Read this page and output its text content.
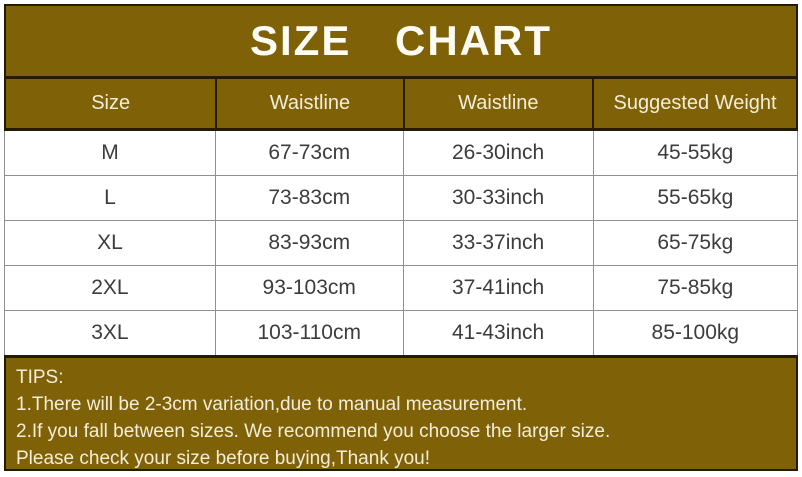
SIZE CHART
Size	Waistline	Waistline	Suggested Weight
M	67-73cm	26-30inch	45-55kg
L	73-83cm	30-33inch	55-65kg
XL	83-93cm	33-37inch	65-75kg
2XL	93-103cm	37-41inch	75-85kg
3XL	103-110cm	41-43inch	85-100kg
TIPS:
1.There will be 2-3cm variation,due to manual measurement.
2.If you fall between sizes. We recommend you choose the larger size.
Please check your size before buying,Thank you!
